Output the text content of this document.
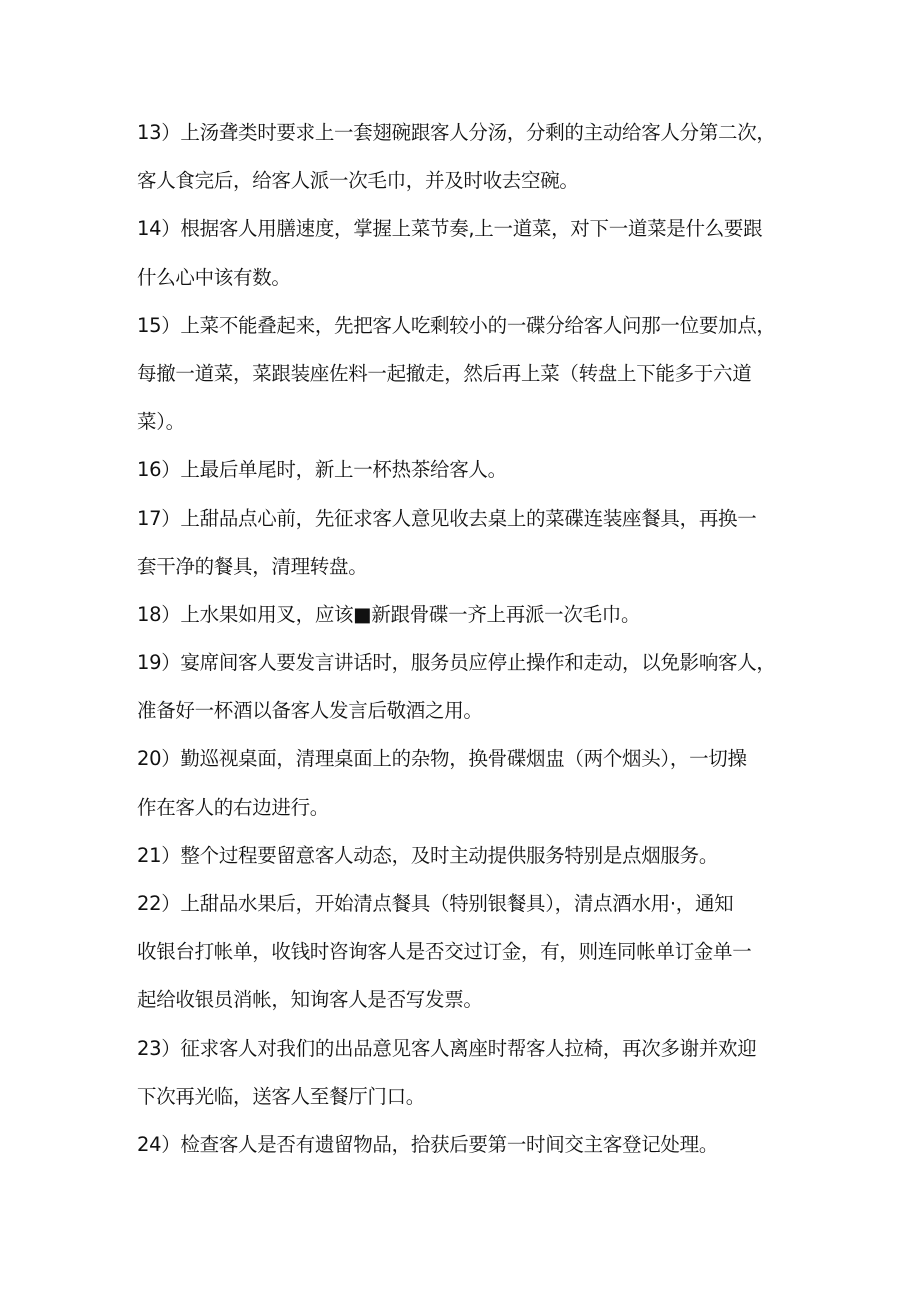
13）上汤聋类时要求上一套翅碗跟客人分汤，分剩的主动给客人分第二次，
客人食完后，给客人派一次毛巾，并及时收去空碗。
14）根据客人用膳速度，掌握上菜节奏,上一道菜，对下一道菜是什么要跟
什么心中该有数。
15）上菜不能叠起来，先把客人吃剩较小的一碟分给客人问那一位要加点，
每撤一道菜，菜跟装座佐料一起撤走，然后再上菜（转盘上下能多于六道
菜）。
16）上最后单尾时，新上一杯热茶给客人。
17）上甜品点心前，先征求客人意见收去桌上的菜碟连装座餐具，再换一
套干净的餐具，清理转盘。
18）上水果如用叉，应该■新跟骨碟一齐上再派一次毛巾。
19）宴席间客人要发言讲话时，服务员应停止操作和走动，以免影响客人，
准备好一杯酒以备客人发言后敬酒之用。
20）勤巡视桌面，清理桌面上的杂物，换骨碟烟盅（两个烟头），一切操
作在客人的右边进行。
21）整个过程要留意客人动态，及时主动提供服务特别是点烟服务。
22）上甜品水果后，开始清点餐具（特别银餐具），清点酒水用·，通知
收银台打帐单，收钱时咨询客人是否交过订金，有，则连同帐单订金单一
起给收银员消帐，知询客人是否写发票。
23）征求客人对我们的出品意见客人离座时帮客人拉椅，再次多谢并欢迎
下次再光临，送客人至餐厅门口。
24）检查客人是否有遗留物品，拾获后要第一时间交主客登记处理。
